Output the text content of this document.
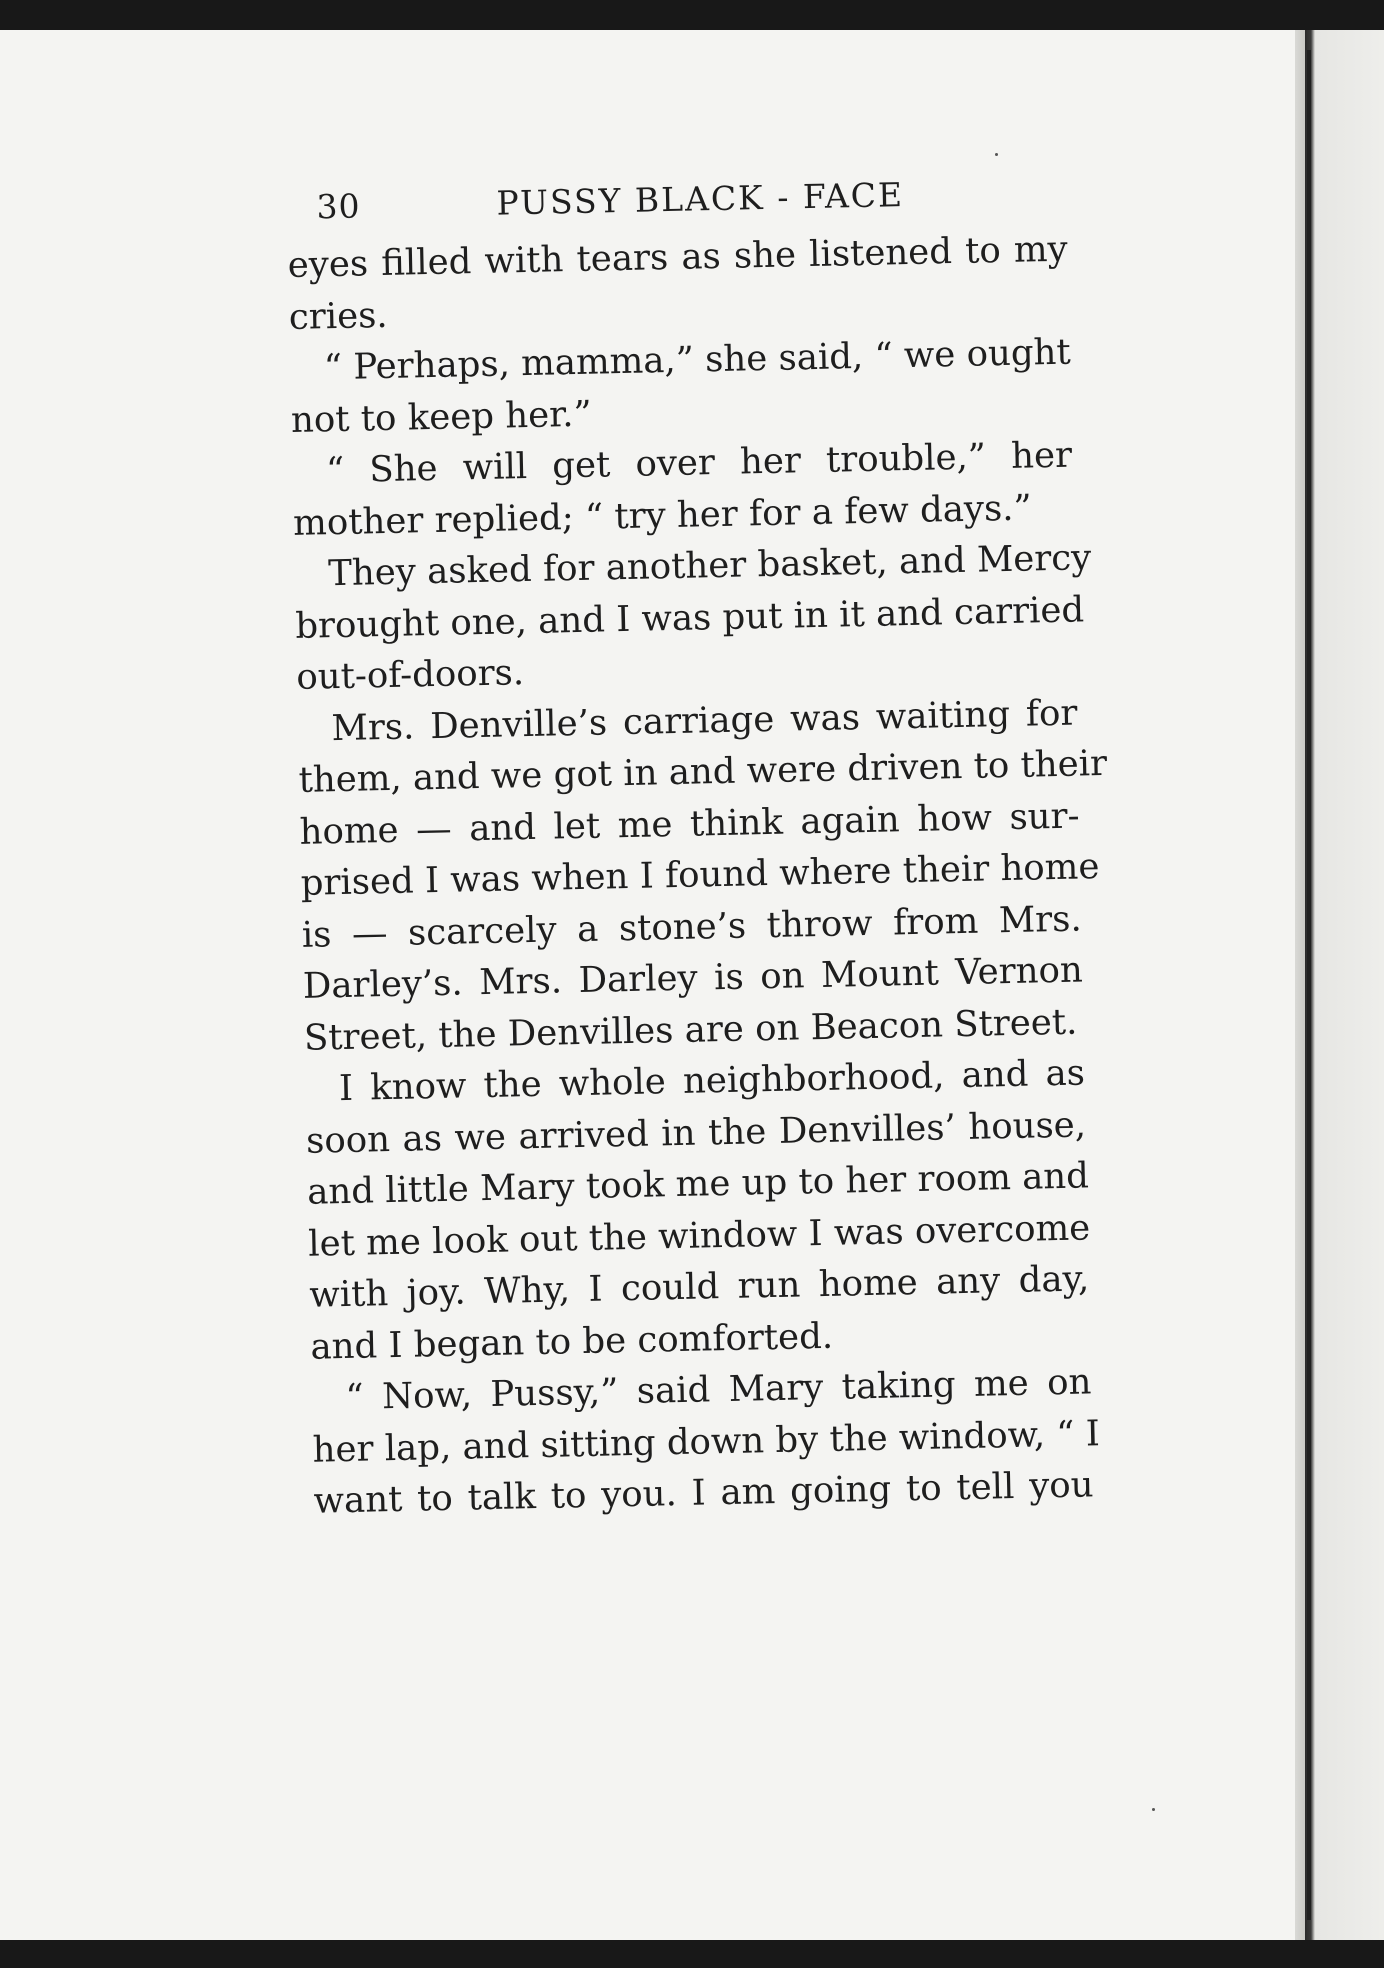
30	PUSSY BLACK - FACE
eyes filled with tears as she listened to my
cries.
“ Perhaps, mamma,” she said, “ we ought
not to keep her.”
“ She will get over her trouble,” her
mother replied; “ try her for a few days.”
They asked for another basket, and Mercy
brought one, and I was put in it and carried
out-of-doors.
Mrs. Denville’s carriage was waiting for
them, and we got in and were driven to their
home — and let me think again how sur-
prised I was when I found where their home
is — scarcely a stone’s throw from Mrs.
Darley’s. Mrs. Darley is on Mount Vernon
Street, the Denvilles are on Beacon Street.
I know the whole neighborhood, and as
soon as we arrived in the Denvilles’ house,
and little Mary took me up to her room and
let me look out the window I was overcome
with joy. Why, I could run home any day,
and I began to be comforted.
“ Now, Pussy,” said Mary taking me on
her lap, and sitting down by the window, “ I
want to talk to you. I am going to tell you
